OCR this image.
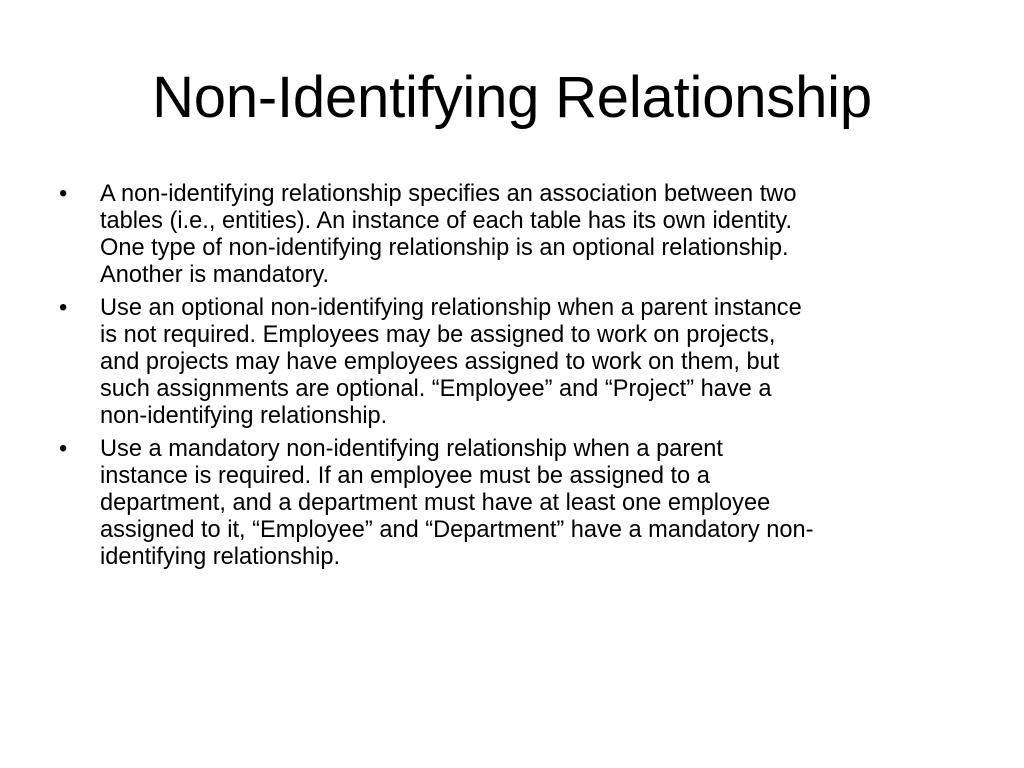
Non-Identifying Relationship
•	A non-identifying relationship specifies an association between two
tables (i.e., entities). An instance of each table has its own identity.
One type of non-identifying relationship is an optional relationship.
Another is mandatory.
•	Use an optional non-identifying relationship when a parent instance
is not required. Employees may be assigned to work on projects,
and projects may have employees assigned to work on them, but
such assignments are optional. “Employee” and “Project” have a
non-identifying relationship.
•	Use a mandatory non-identifying relationship when a parent
instance is required. If an employee must be assigned to a
department, and a department must have at least one employee
assigned to it, “Employee” and “Department” have a mandatory non-
identifying relationship.
